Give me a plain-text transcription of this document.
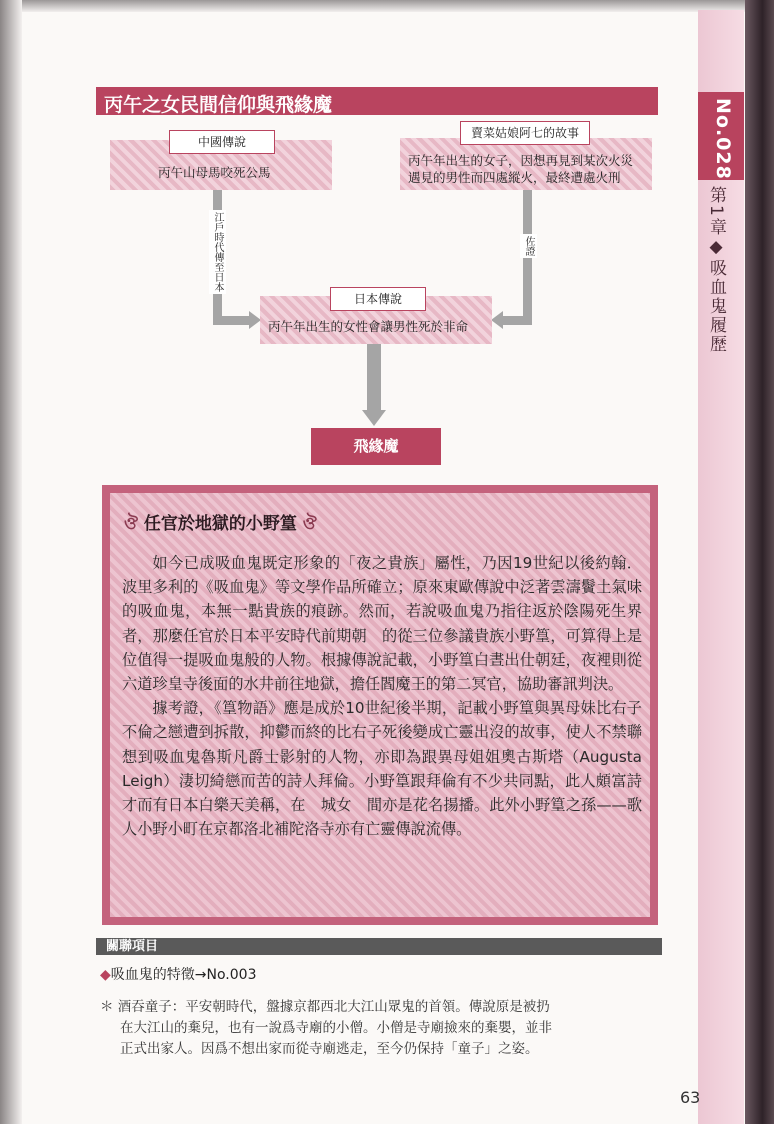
No.028
第1章◆吸血鬼履歷
丙午之女民間信仰與飛緣魔
中國傳說
丙午山母馬咬死公馬
賣菜姑娘阿七的故事
丙午年出生的女子，因想再見到某次火災
遇見的男性而四處縱火，最終遭處火刑
江戶時代傳至日本	佐證
日本傳說
丙午年出生的女性會讓男性死於非命
飛緣魔
ঔ 任官於地獄的小野篁 ঔ

如今已成吸血鬼既定形象的「夜之貴族」屬性，乃因19世紀以後約翰．波里多利的《吸血鬼》等文學作品所確立；原來東歐傳說中泛著雲濤鬢土氣味的吸血鬼，本無一點貴族的痕跡。然而，若說吸血鬼乃指往返於陰陽死生界者，那麼任官於日本平安時代前期朝　的從三位參議貴族小野篁，可算得上是位值得一提吸血鬼般的人物。根據傳說記載，小野篁白晝出仕朝廷，夜裡則從六道珍皇寺後面的水井前往地獄，擔任閻魔王的第二冥官，協助審訊判決。

據考證，《篁物語》應是成於10世紀後半期，記載小野篁與異母妹比右子不倫之戀遭到拆散，抑鬱而終的比右子死後變成亡靈出沒的故事，使人不禁聯想到吸血鬼魯斯凡爵士影射的人物，亦即為跟異母姐姐奧古斯塔（Augusta Leigh）淒切綺戀而苦的詩人拜倫。小野篁跟拜倫有不少共同點，此人頗富詩才而有日本白樂天美稱，在　城女　間亦是花名揚播。此外小野篁之孫——歌人小野小町在京都洛北補陀洛寺亦有亡靈傳說流傳。

關聯項目
◆吸血鬼的特徵→No.003
＊ 酒吞童子：平安朝時代，盤據京都西北大江山眾鬼的首領。傳說原是被扔
在大江山的棄兒，也有一說爲寺廟的小僧。小僧是寺廟撿來的棄嬰，並非
正式出家人。因爲不想出家而從寺廟逃走，至今仍保持「童子」之姿。
63
